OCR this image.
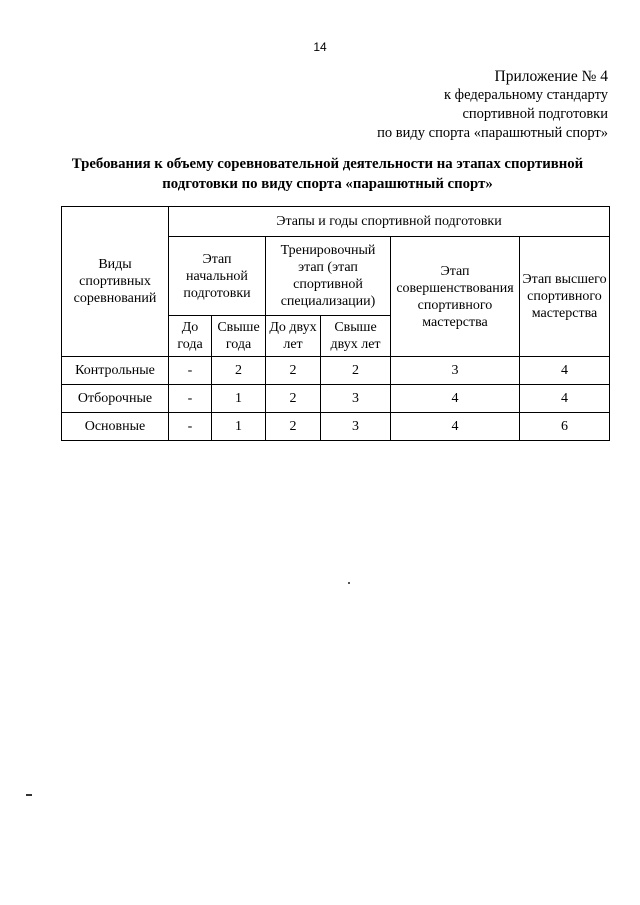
14
Приложение № 4
к федеральному стандарту
спортивной подготовки
по виду спорта «парашютный спорт»
Требования к объему соревновательной деятельности на этапах спортивной
подготовки по виду спорта «парашютный спорт»
Виды спортивных соревнований	Этапы и годы спортивной подготовки					
	Этап начальной подготовки		Тренировочный этап (этап спортивной специализации)		Этап совершенствования спортивного мастерства	Этап высшего спортивного мастерства
	До года	Свыше года	До двух лет	Свыше двух лет		
Контрольные	-	2	2	2	3	4
Отборочные	-	1	2	3	4	4
Основные	-	1	2	3	4	6
